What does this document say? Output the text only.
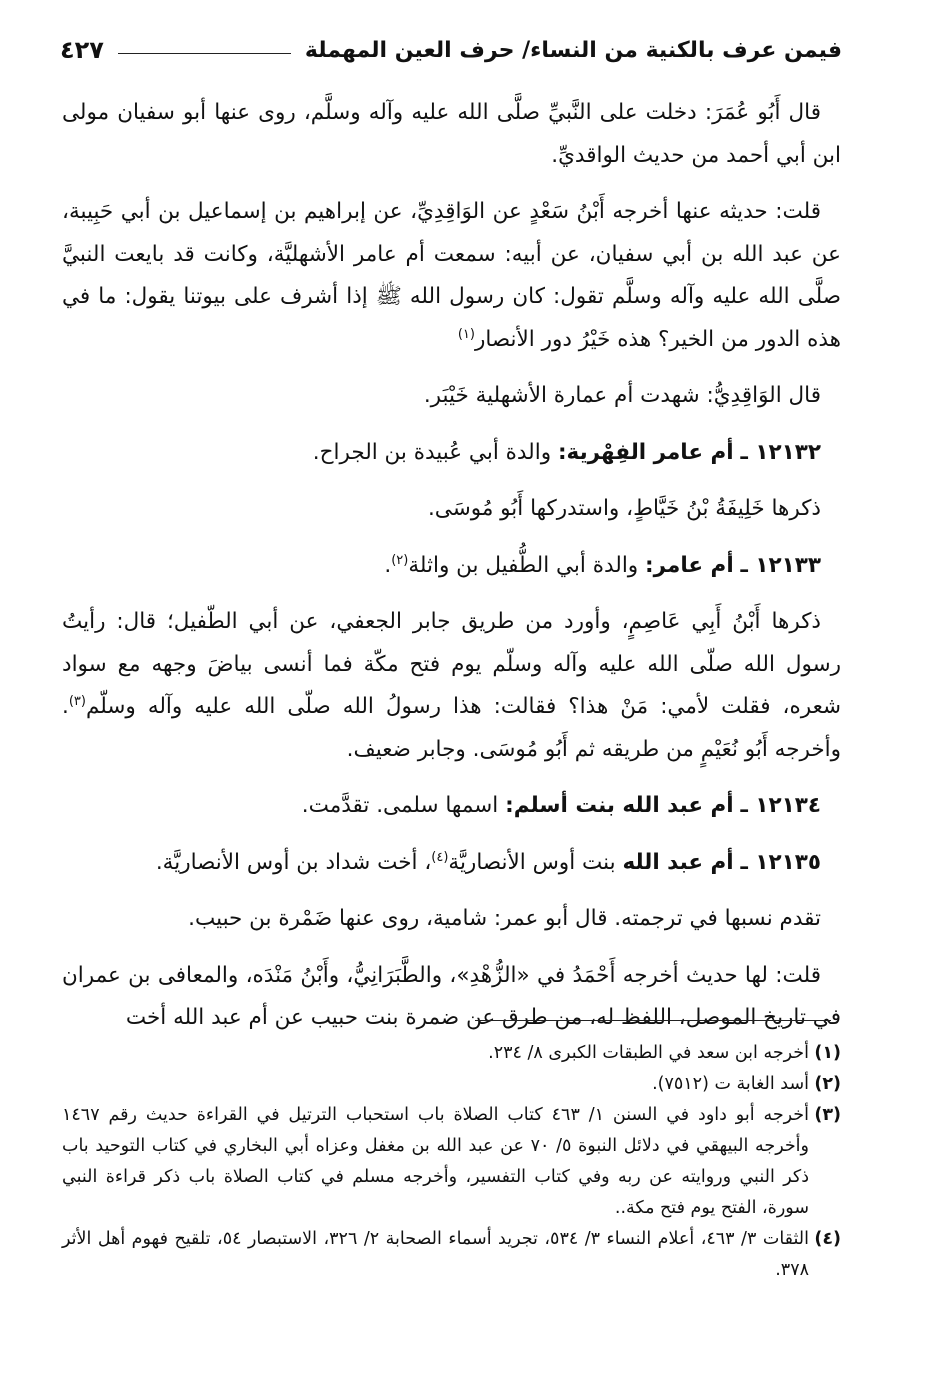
فيمن عرف بالكنية من النساء/ حرف العين المهملة
٤٢٧

قال أَبُو عُمَرَ: دخلت على النَّبيِّ صلَّى الله عليه وآله وسلَّم، روى عنها أبو سفيان مولى ابن أبي أحمد من حديث الواقديِّ.

قلت: حديثه عنها أخرجه أَبْنُ سَعْدٍ عن الوَاقِدِيِّ، عن إبراهيم بن إسماعيل بن أبي حَبِيبة، عن عبد الله بن أبي سفيان، عن أبيه: سمعت أم عامر الأشهليَّة، وكانت قد بايعت النبيَّ صلَّى الله عليه وآله وسلَّم تقول: كان رسول الله ﷺ إذا أشرف على بيوتنا يقول: ما في هذه الدور من الخير؟ هذه خَيْرُ دور الأنصار$^{(١)}$

قال الوَاقِدِيُّ: شهدت أم عمارة الأشهلية خَيْبَر.

١٢١٣٢ ـ أم عامر الفِهْرية: والدة أبي عُبيدة بن الجراح.

ذكرها خَلِيفَةُ بْنُ خَيَّاطٍ، واستدركها أَبُو مُوسَى.

١٢١٣٣ ـ أم عامر: والدة أبي الطُّفيل بن واثلة$^{(٢)}$.

ذكرها أَبْنُ أَبِي عَاصِمٍ، وأورد من طريق جابر الجعفي، عن أبي الطّفيل؛ قال: رأيتُ رسول الله صلّى الله عليه وآله وسلّم يوم فتح مكّة فما أنسى بياضَ وجهه مع سواد شعره، فقلت لأمي: مَنْ هذا؟ فقالت: هذا رسولُ الله صلّى الله عليه وآله وسلّم$^{(٣)}$. وأخرجه أَبُو نُعَيْمٍ من طريقه ثم أَبُو مُوسَى. وجابر ضعيف.

١٢١٣٤ ـ أم عبد الله بنت أسلم: اسمها سلمى. تقدَّمت.

١٢١٣٥ ـ أم عبد الله بنت أوس الأنصاريَّة$^{(٤)}$، أخت شداد بن أوس الأنصاريَّة.

تقدم نسبها في ترجمته. قال أبو عمر: شامية، روى عنها ضَمْرة بن حبيب.

قلت: لها حديث أخرجه أَحْمَدُ في «الزُّهْدِ»، والطَّبَرَانِيُّ، وأَبْنُ مَنْدَه، والمعافى بن عمران في تاريخ الموصل، اللفظ له، من طرق عن ضمرة بنت حبيب عن أم عبد الله أخت

(١)
أخرجه ابن سعد في الطبقات الكبرى ٨/ ٢٣٤.
(٢)
أسد الغابة ت (٧٥١٢).
(٣)
أخرجه أبو داود في السنن ١/ ٤٦٣ كتاب الصلاة باب استحباب الترتيل في القراءة حديث رقم ١٤٦٧ وأخرجه البيهقي في دلائل النبوة ٥/ ٧٠ عن عبد الله بن مغفل وعزاه أبي البخاري في كتاب التوحيد باب ذكر النبي وروايته عن ربه وفي كتاب التفسير، وأخرجه مسلم في كتاب الصلاة باب ذكر قراءة النبي سورة، الفتح يوم فتح مكة..
(٤)
الثقات ٣/ ٤٦٣، أعلام النساء ٣/ ٥٣٤، تجريد أسماء الصحابة ٢/ ٣٢٦، الاستبصار ٥٤، تلقيح فهوم أهل الأثر ٣٧٨.
